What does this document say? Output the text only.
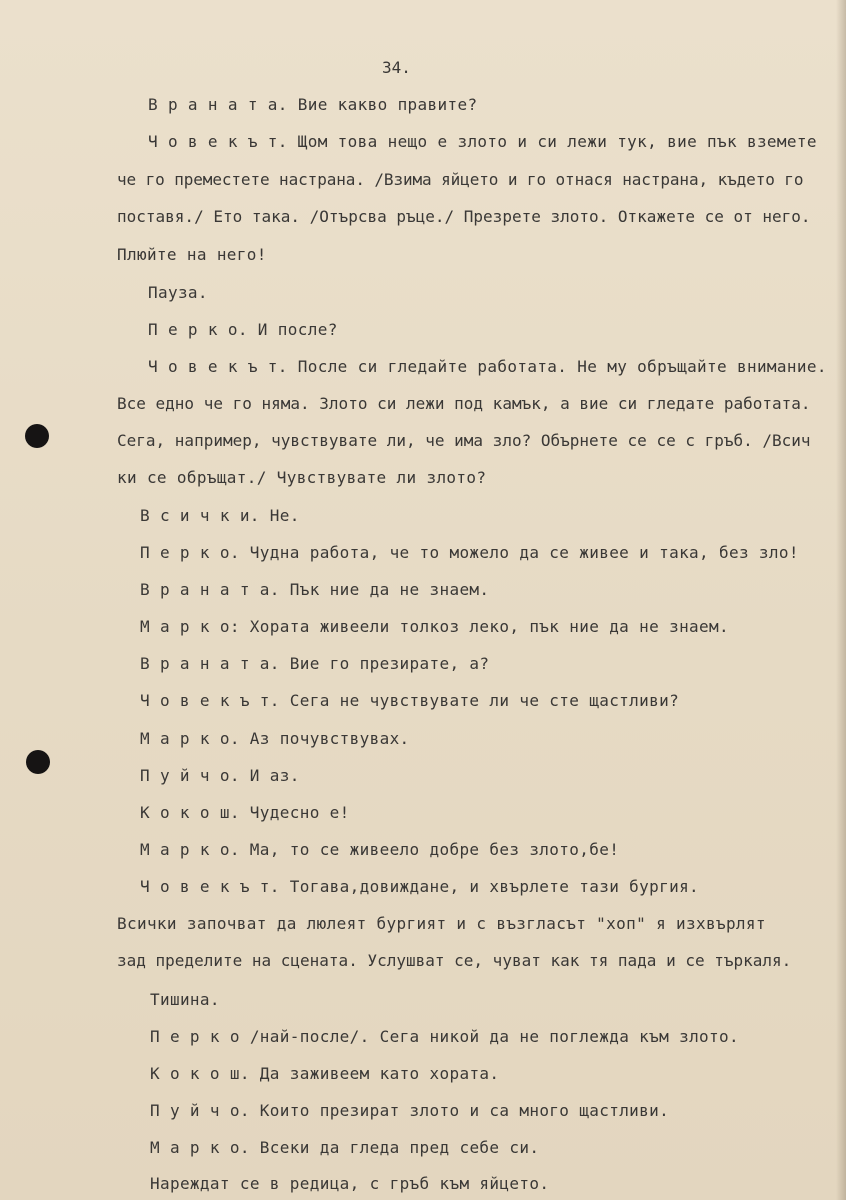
34.
В р а н а т а. Вие какво правите?
Ч о в е к ъ т. Щом това нещо е злото и си лежи тук, вие пък вземете
че го преместете настрана. /Взима яйцето и го отнася настрана, където го
поставя./ Ето така. /Отърсва ръце./ Презрете злото. Откажете се от него.
Плюйте на него!
Пауза.
П е р к о. И после?
Ч о в е к ъ т. После си гледайте работата. Не му обръщайте внимание.
Все едно че го няма. Злото си лежи под камък, а вие си гледате работата.
Сега, например, чувствувате ли, че има зло? Обърнете се се с гръб. /Всич
ки се обръщат./ Чувствувате ли злото?
В с и ч к и. Не.
П е р к о. Чудна работа, че то можело да се живее и така, без зло!
В р а н а т а. Пък ние да не знаем.
М а р к о: Хората живеели толкоз леко, пък ние да не знаем.
В р а н а т а. Вие го презирате, а?
Ч о в е к ъ т. Сега не чувствувате ли че сте щастливи?
М а р к о. Аз почувствувах.
П у й ч о. И аз.
К о к о ш. Чудесно е!
М а р к о. Ма, то се живеело добре без злото,бе!
Ч о в е к ъ т. Тогава,довиждане, и хвърлете тази бургия.
Всички започват да люлеят бургият и с възгласът "хоп" я изхвърлят
зад пределите на сцената. Услушват се, чуват как тя пада и се търкаля.
Тишина.
П е р к о /най-после/. Сега никой да не поглежда към злото.
К о к о ш. Да заживеем като хората.
П у й ч о. Които презират злото и са много щастливи.
М а р к о. Всеки да гледа пред себе си.
Нареждат се в редица, с гръб към яйцето.
